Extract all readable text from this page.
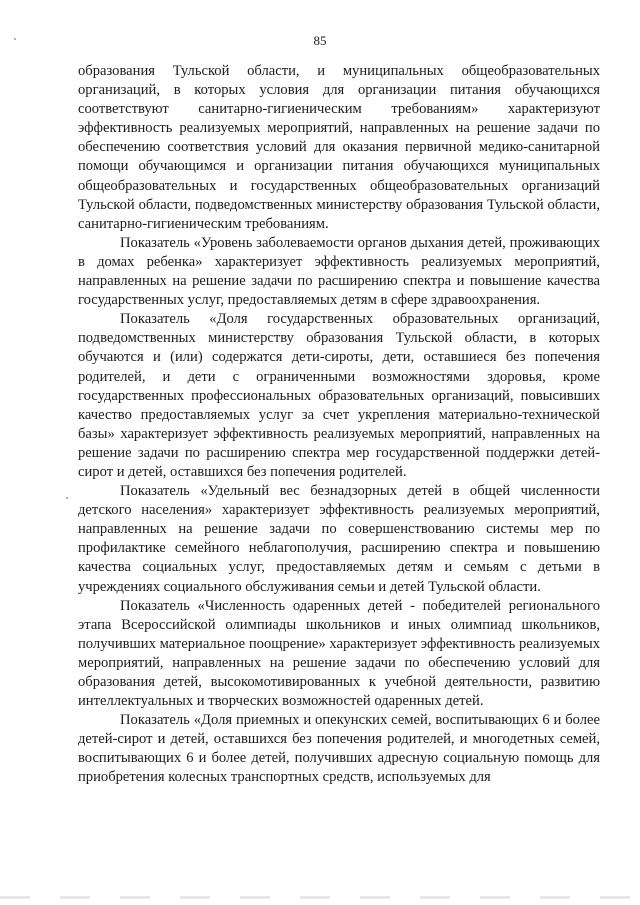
85

образования Тульской области, и муниципальных общеобразовательных организаций, в которых условия для организации питания обучающихся соответствуют санитарно-гигиеническим требованиям» характеризуют эффективность реализуемых мероприятий, направленных на решение задачи по обеспечению соответствия условий для оказания первичной медико-санитарной помощи обучающимся и организации питания обучающихся муниципальных общеобразовательных и государственных общеобразовательных организаций Тульской области, подведомственных министерству образования Тульской области, санитарно-гигиеническим требованиям.

Показатель «Уровень заболеваемости органов дыхания детей, проживающих в домах ребенка» характеризует эффективность реализуемых мероприятий, направленных на решение задачи по расширению спектра и повышение качества государственных услуг, предоставляемых детям в сфере здравоохранения.

Показатель «Доля государственных образовательных организаций, подведомственных министерству образования Тульской области, в которых обучаются и (или) содержатся дети-сироты, дети, оставшиеся без попечения родителей, и дети с ограниченными возможностями здоровья, кроме государственных профессиональных образовательных организаций, повысивших качество предоставляемых услуг за счет укрепления материально-технической базы» характеризует эффективность реализуемых мероприятий, направленных на решение задачи по расширению спектра мер государственной поддержки детей-сирот и детей, оставшихся без попечения родителей.

Показатель «Удельный вес безнадзорных детей в общей численности детского населения» характеризует эффективность реализуемых мероприятий, направленных на решение задачи по совершенствованию системы мер по профилактике семейного неблагополучия, расширению спектра и повышению качества социальных услуг, предоставляемых детям и семьям с детьми в учреждениях социального обслуживания семьи и детей Тульской области.

Показатель «Численность одаренных детей - победителей регионального этапа Всероссийской олимпиады школьников и иных олимпиад школьников, получивших материальное поощрение» характеризует эффективность реализуемых мероприятий, направленных на решение задачи по обеспечению условий для образования детей, высокомотивированных к учебной деятельности, развитию интеллектуальных и творческих возможностей одаренных детей.

Показатель «Доля приемных и опекунских семей, воспитывающих 6 и более детей-сирот и детей, оставшихся без попечения родителей, и многодетных семей, воспитывающих 6 и более детей, получивших адресную социальную помощь для приобретения колесных транспортных средств, используемых для
